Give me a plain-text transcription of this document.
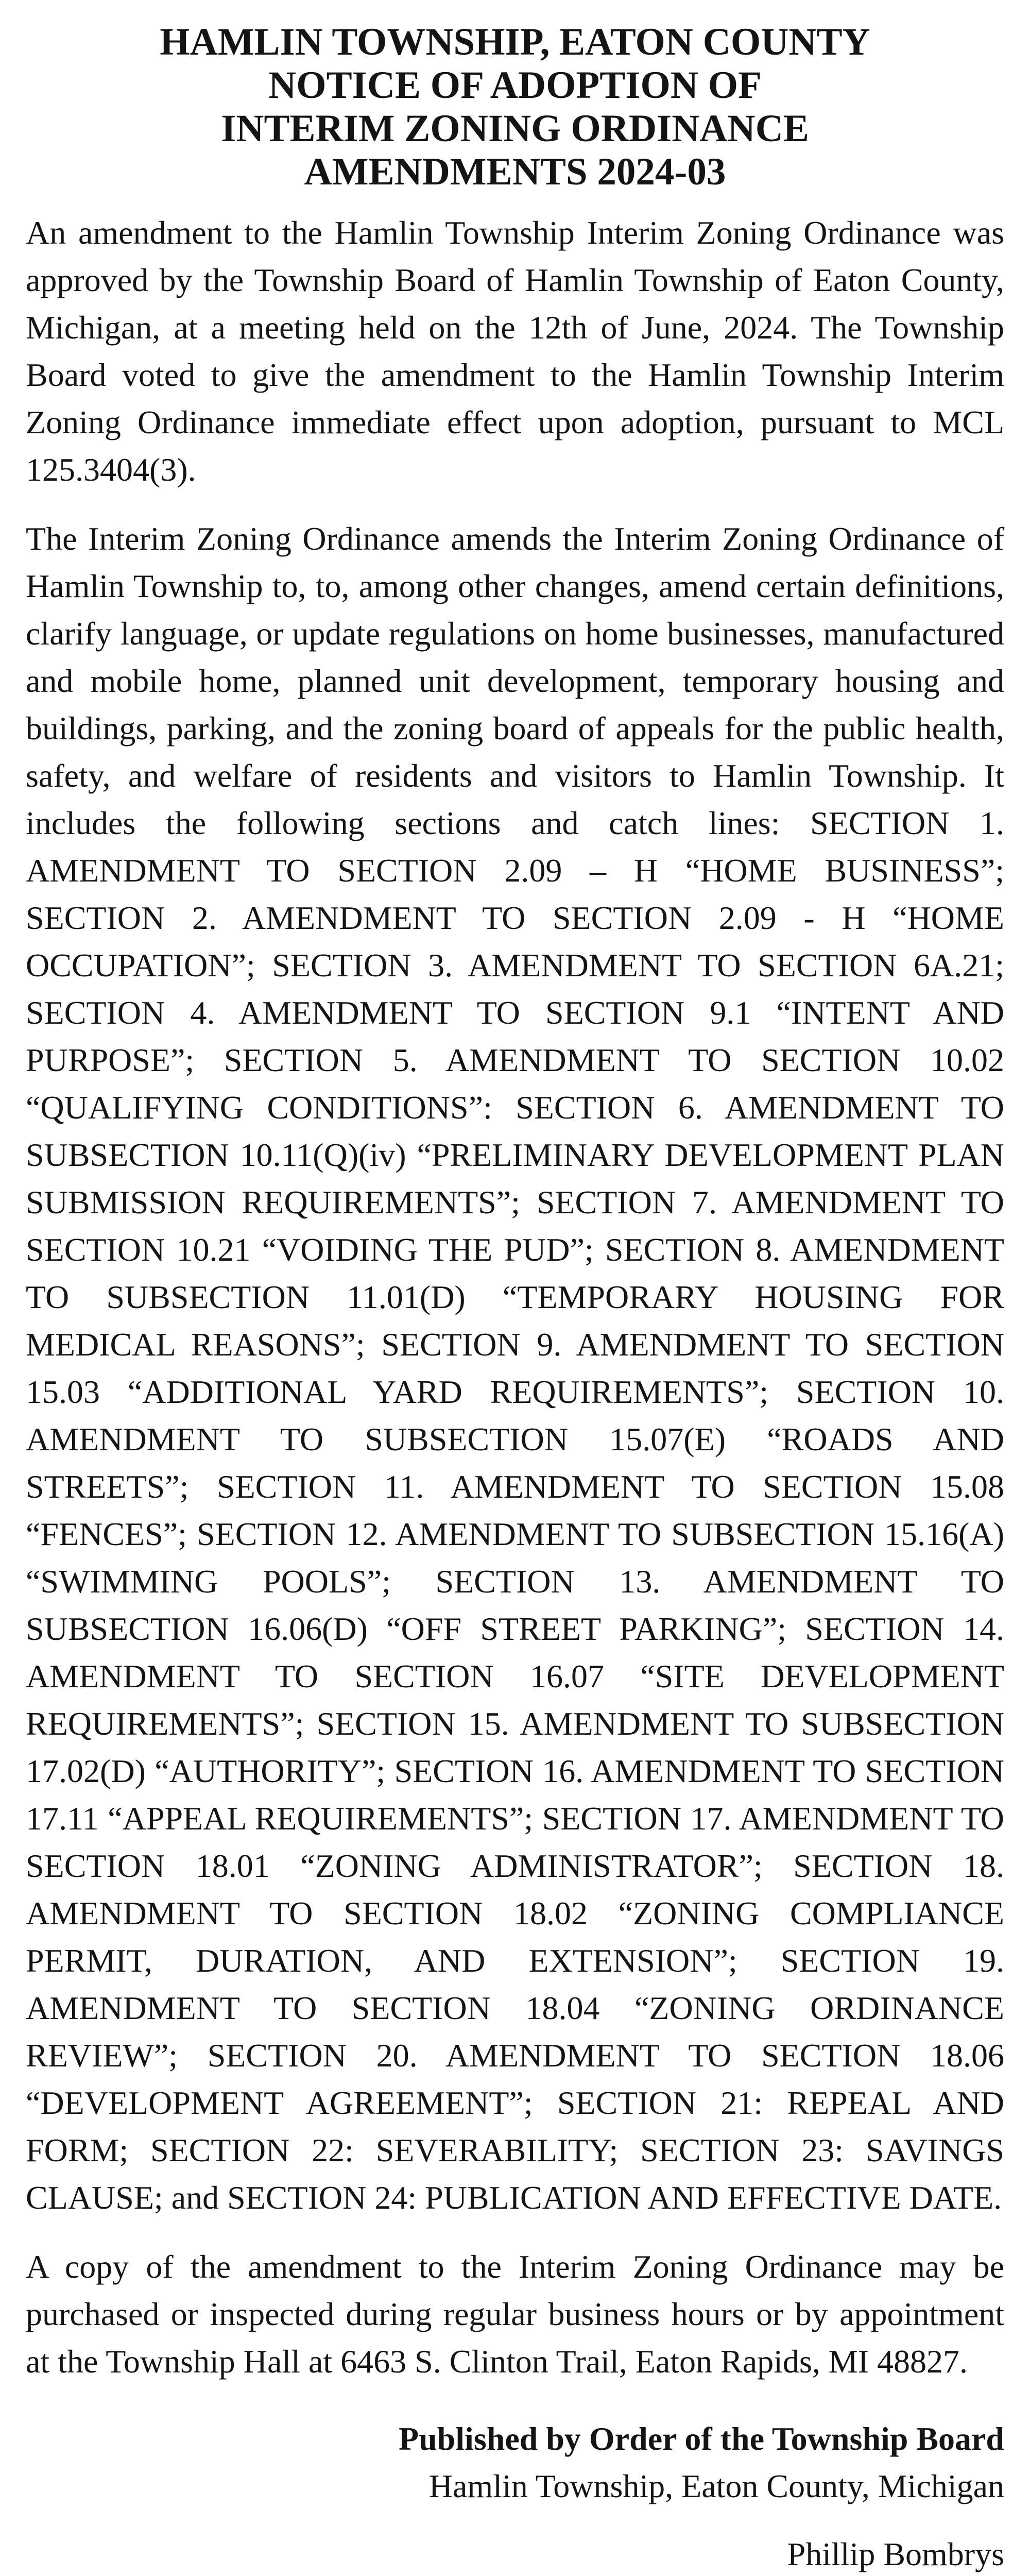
HAMLIN TOWNSHIP, EATON COUNTY
NOTICE OF ADOPTION OF
INTERIM ZONING ORDINANCE
AMENDMENTS 2024-03

An amendment to the Hamlin Township Interim Zoning Ordinance was approved by the Township Board of Hamlin Township of Eaton County, Michigan, at a meeting held on the 12th of June, 2024. The Township Board voted to give the amendment to the Hamlin Township Interim Zoning Ordinance immediate effect upon adoption, pursuant to MCL 125.3404(3).

The Interim Zoning Ordinance amends the Interim Zoning Ordinance of Hamlin Township to, to, among other changes, amend certain definitions, clarify language, or update regulations on home businesses, manufactured and mobile home, planned unit development, temporary housing and buildings, parking, and the zoning board of appeals for the public health, safety, and welfare of residents and visitors to Hamlin Township. It includes the following sections and catch lines: SECTION 1. AMENDMENT TO SECTION 2.09 – H “HOME BUSINESS”; SECTION 2. AMENDMENT TO SECTION 2.09 - H “HOME OCCUPATION”; SECTION 3. AMENDMENT TO SECTION 6A.21; SECTION 4. AMENDMENT TO SECTION 9.1 “INTENT AND PURPOSE”; SECTION 5. AMENDMENT TO SECTION 10.02 “QUALIFYING CONDITIONS”: SECTION 6. AMENDMENT TO SUBSECTION 10.11(Q)(iv) “PRELIMINARY DEVELOPMENT PLAN SUBMISSION REQUIREMENTS”; SECTION 7. AMENDMENT TO SECTION 10.21 “VOIDING THE PUD”; SECTION 8. AMENDMENT TO SUBSECTION 11.01(D) “TEMPORARY HOUSING FOR MEDICAL REASONS”; SECTION 9. AMENDMENT TO SECTION 15.03 “ADDITIONAL YARD REQUIREMENTS”; SECTION 10. AMENDMENT TO SUBSECTION 15.07(E) “ROADS AND STREETS”; SECTION 11. AMENDMENT TO SECTION 15.08 “FENCES”; SECTION 12. AMENDMENT TO SUBSECTION 15.16(A) “SWIMMING POOLS”; SECTION 13. AMENDMENT TO SUBSECTION 16.06(D) “OFF STREET PARKING”; SECTION 14. AMENDMENT TO SECTION 16.07 “SITE DEVELOPMENT REQUIREMENTS”; SECTION 15. AMENDMENT TO SUBSECTION 17.02(D) “AUTHORITY”; SECTION 16. AMENDMENT TO SECTION 17.11 “APPEAL REQUIREMENTS”; SECTION 17. AMENDMENT TO SECTION 18.01 “ZONING ADMINISTRATOR”; SECTION 18. AMENDMENT TO SECTION 18.02 “ZONING COMPLIANCE PERMIT, DURATION, AND EXTENSION”; SECTION 19. AMENDMENT TO SECTION 18.04 “ZONING ORDINANCE REVIEW”; SECTION 20. AMENDMENT TO SECTION 18.06 “DEVELOPMENT AGREEMENT”; SECTION 21: REPEAL AND FORM; SECTION 22: SEVERABILITY; SECTION 23: SAVINGS CLAUSE; and SECTION 24: PUBLICATION AND EFFECTIVE DATE.

A copy of the amendment to the Interim Zoning Ordinance may be purchased or inspected during regular business hours or by appointment at the Township Hall at 6463 S. Clinton Trail, Eaton Rapids, MI 48827.

Published by Order of the Township Board
Hamlin Township, Eaton County, Michigan
Phillip Bombrys
